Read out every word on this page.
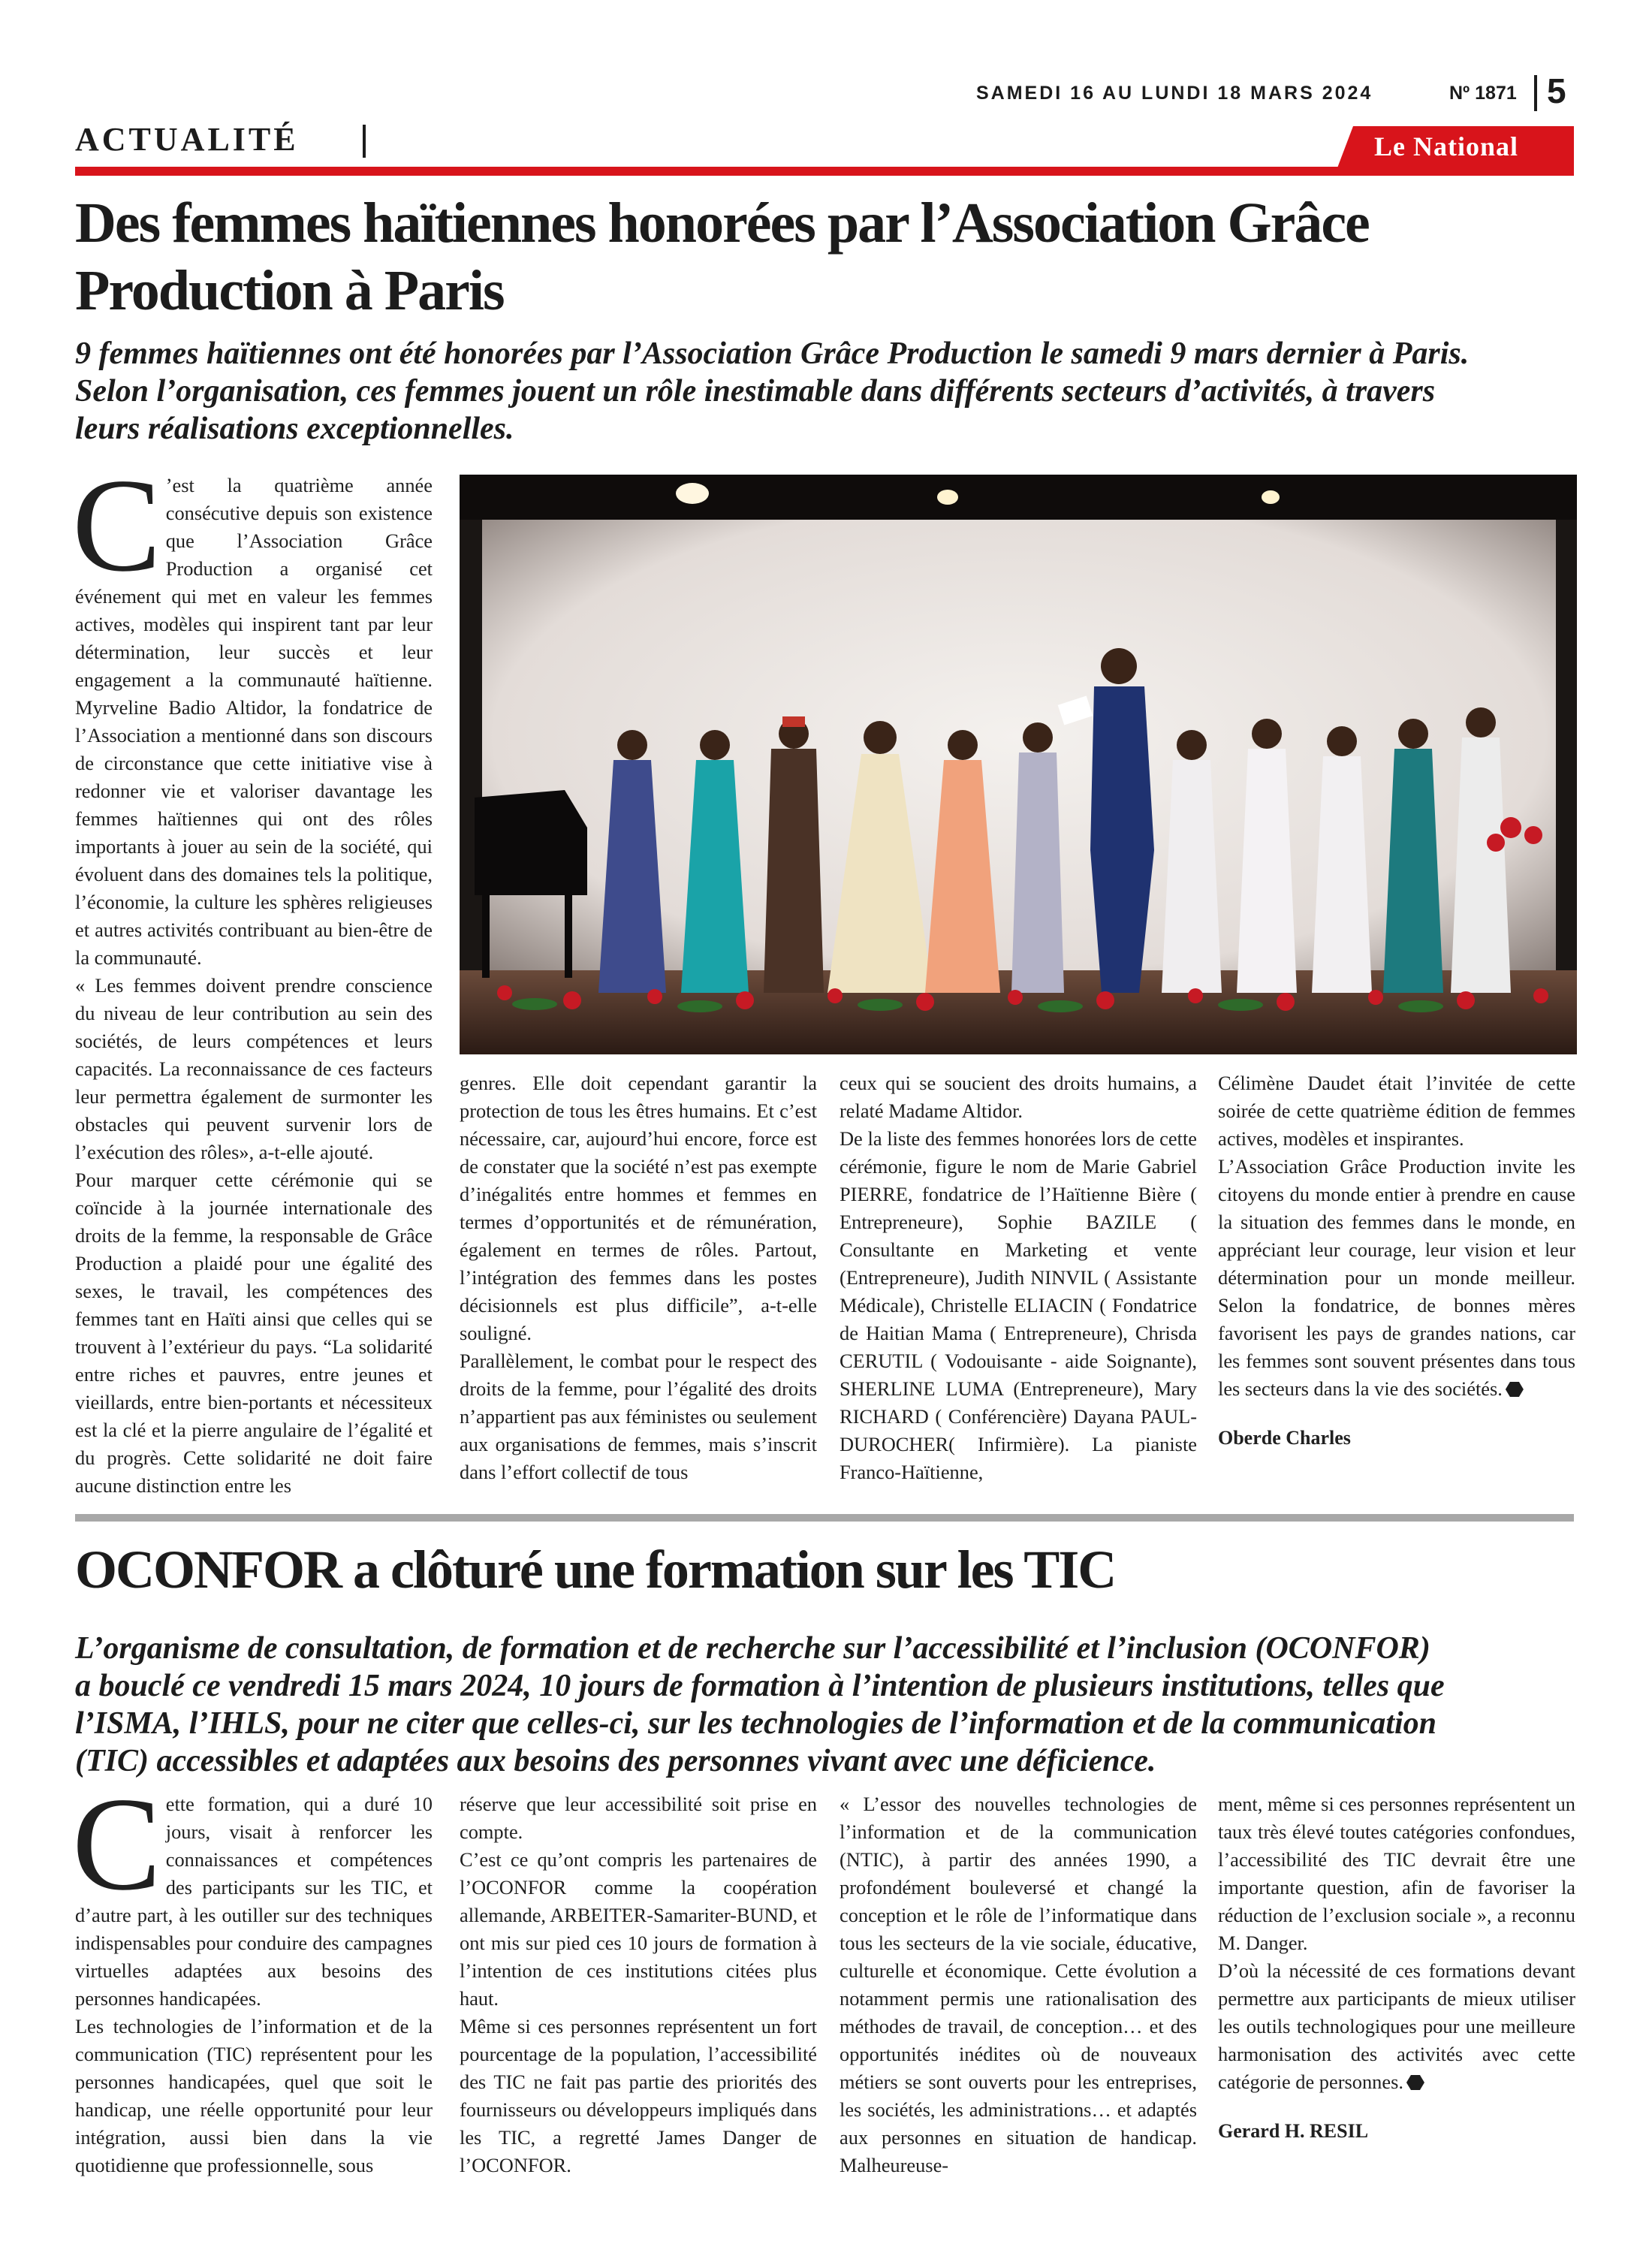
SAMEDI 16 AU LUNDI 18 MARS 2024	Nº 1871 5
ACTUALITÉ	Le National
Des femmes haïtiennes honorées par l’Association Grâce
Production à Paris
9 femmes haïtiennes ont été honorées par l’Association Grâce Production le samedi 9 mars dernier à Paris.
Selon l’organisation, ces femmes jouent un rôle inestimable dans différents secteurs d’activités, à travers
leurs réalisations exceptionnelles.
C ’est la quatrième année consécutive depuis son existence que l’Association Grâce Production a organisé cet événement qui met en valeur les femmes actives, modèles qui inspirent tant par leur détermination, leur succès et leur engagement a la communauté haïtienne. Myrveline Badio Altidor, la fondatrice de l’Association a mentionné dans son discours de circonstance que cette initiative vise à redonner vie et valoriser davantage les femmes haïtiennes qui ont des rôles importants à jouer au sein de la société, qui évoluent dans des domaines tels la politique, l’économie, la culture les sphères religieuses et autres activités contribuant au bien-être de la communauté.

« Les femmes doivent prendre conscience du niveau de leur contribution au sein des sociétés, de leurs compétences et leurs capacités. La reconnaissance de ces facteurs leur permettra également de surmonter les obstacles qui peuvent survenir lors de l’exécution des rôles», a-t-elle ajouté.

Pour marquer cette cérémonie qui se coïncide à la journée internationale des droits de la femme, la responsable de Grâce Production a plaidé pour une égalité des sexes, le travail, les compétences des femmes tant en Haïti ainsi que celles qui se trouvent à l’extérieur du pays. “La solidarité entre riches et pauvres, entre jeunes et vieillards, entre bien-portants et nécessiteux est la clé et la pierre angulaire de l’égalité et du progrès. Cette solidarité ne doit faire aucune distinction entre les

genres. Elle doit cependant garantir la protection de tous les êtres humains. Et c’est nécessaire, car, aujourd’hui encore, force est de constater que la société n’est pas exempte d’inégalités entre hommes et femmes en termes d’opportunités et de rémunération, également en termes de rôles. Partout, l’intégration des femmes dans les postes décisionnels est plus difficile”, a-t-elle souligné.

Parallèlement, le combat pour le respect des droits de la femme, pour l’égalité des droits n’appartient pas aux féministes ou seulement aux organisations de femmes, mais s’inscrit dans l’effort collectif de tous

ceux qui se soucient des droits humains, a relaté Madame Altidor.

De la liste des femmes honorées lors de cette cérémonie, figure le nom de Marie Gabriel PIERRE, fondatrice de l’Haïtienne Bière ( Entrepreneure), Sophie BAZILE ( Consultante en Marketing et vente (Entrepreneure), Judith NINVIL ( Assistante Médicale), Christelle ELIACIN ( Fondatrice de Haitian Mama ( Entrepreneure), Chrisda CERUTIL ( Vodouisante - aide Soignante), SHERLINE LUMA (Entrepreneure), Mary RICHARD ( Conférencière) Dayana PAUL-DUROCHER( Infirmière). La pianiste Franco-Haïtienne,

Célimène Daudet était l’invitée de cette soirée de cette quatrième édition de femmes actives, modèles et inspirantes.

L’Association Grâce Production invite les citoyens du monde entier à prendre en cause la situation des femmes dans le monde, en appréciant leur courage, leur vision et leur détermination pour un monde meilleur. Selon la fondatrice, de bonnes mères favorisent les pays de grandes nations, car les femmes sont souvent présentes dans tous les secteurs dans la vie des sociétés.

Oberde Charles

OCONFOR a clôturé une formation sur les TIC
L’organisme de consultation, de formation et de recherche sur l’accessibilité et l’inclusion (OCONFOR)
a bouclé ce vendredi 15 mars 2024, 10 jours de formation à l’intention de plusieurs institutions, telles que
l’ISMA, l’IHLS, pour ne citer que celles-ci, sur les technologies de l’information et de la communication
(TIC) accessibles et adaptées aux besoins des personnes vivant avec une déficience.
C ette formation, qui a duré 10 jours, visait à renforcer les connaissances et compétences des participants sur les TIC, et d’autre part, à les outiller sur des techniques indispensables pour conduire des campagnes virtuelles adaptées aux besoins des personnes handicapées.

Les technologies de l’information et de la communication (TIC) représentent pour les personnes handicapées, quel que soit le handicap, une réelle opportunité pour leur intégration, aussi bien dans la vie quotidienne que professionnelle, sous

réserve que leur accessibilité soit prise en compte.

C’est ce qu’ont compris les partenaires de l’OCONFOR comme la coopération allemande, ARBEITER-Samariter-BUND, et ont mis sur pied ces 10 jours de formation à l’intention de ces institutions citées plus haut.

Même si ces personnes représentent un fort pourcentage de la population, l’accessibilité des TIC ne fait pas partie des priorités des fournisseurs ou développeurs impliqués dans les TIC, a regretté James Danger de l’OCONFOR.

« L’essor des nouvelles technologies de l’information et de la communication (NTIC), à partir des années 1990, a profondément bouleversé et changé la conception et le rôle de l’informatique dans tous les secteurs de la vie sociale, éducative, culturelle et économique. Cette évolution a notamment permis une rationalisation des méthodes de travail, de conception… et des opportunités inédites où de nouveaux métiers se sont ouverts pour les entreprises, les sociétés, les administrations… et adaptés aux personnes en situation de handicap. Malheureuse-

ment, même si ces personnes représentent un taux très élevé toutes catégories confondues, l’accessibilité des TIC devrait être une importante question, afin de favoriser la réduction de l’exclusion sociale », a reconnu M. Danger.

D’où la nécessité de ces formations devant permettre aux participants de mieux utiliser les outils technologiques pour une meilleure harmonisation des activités avec cette catégorie de personnes.

Gerard H. RESIL
